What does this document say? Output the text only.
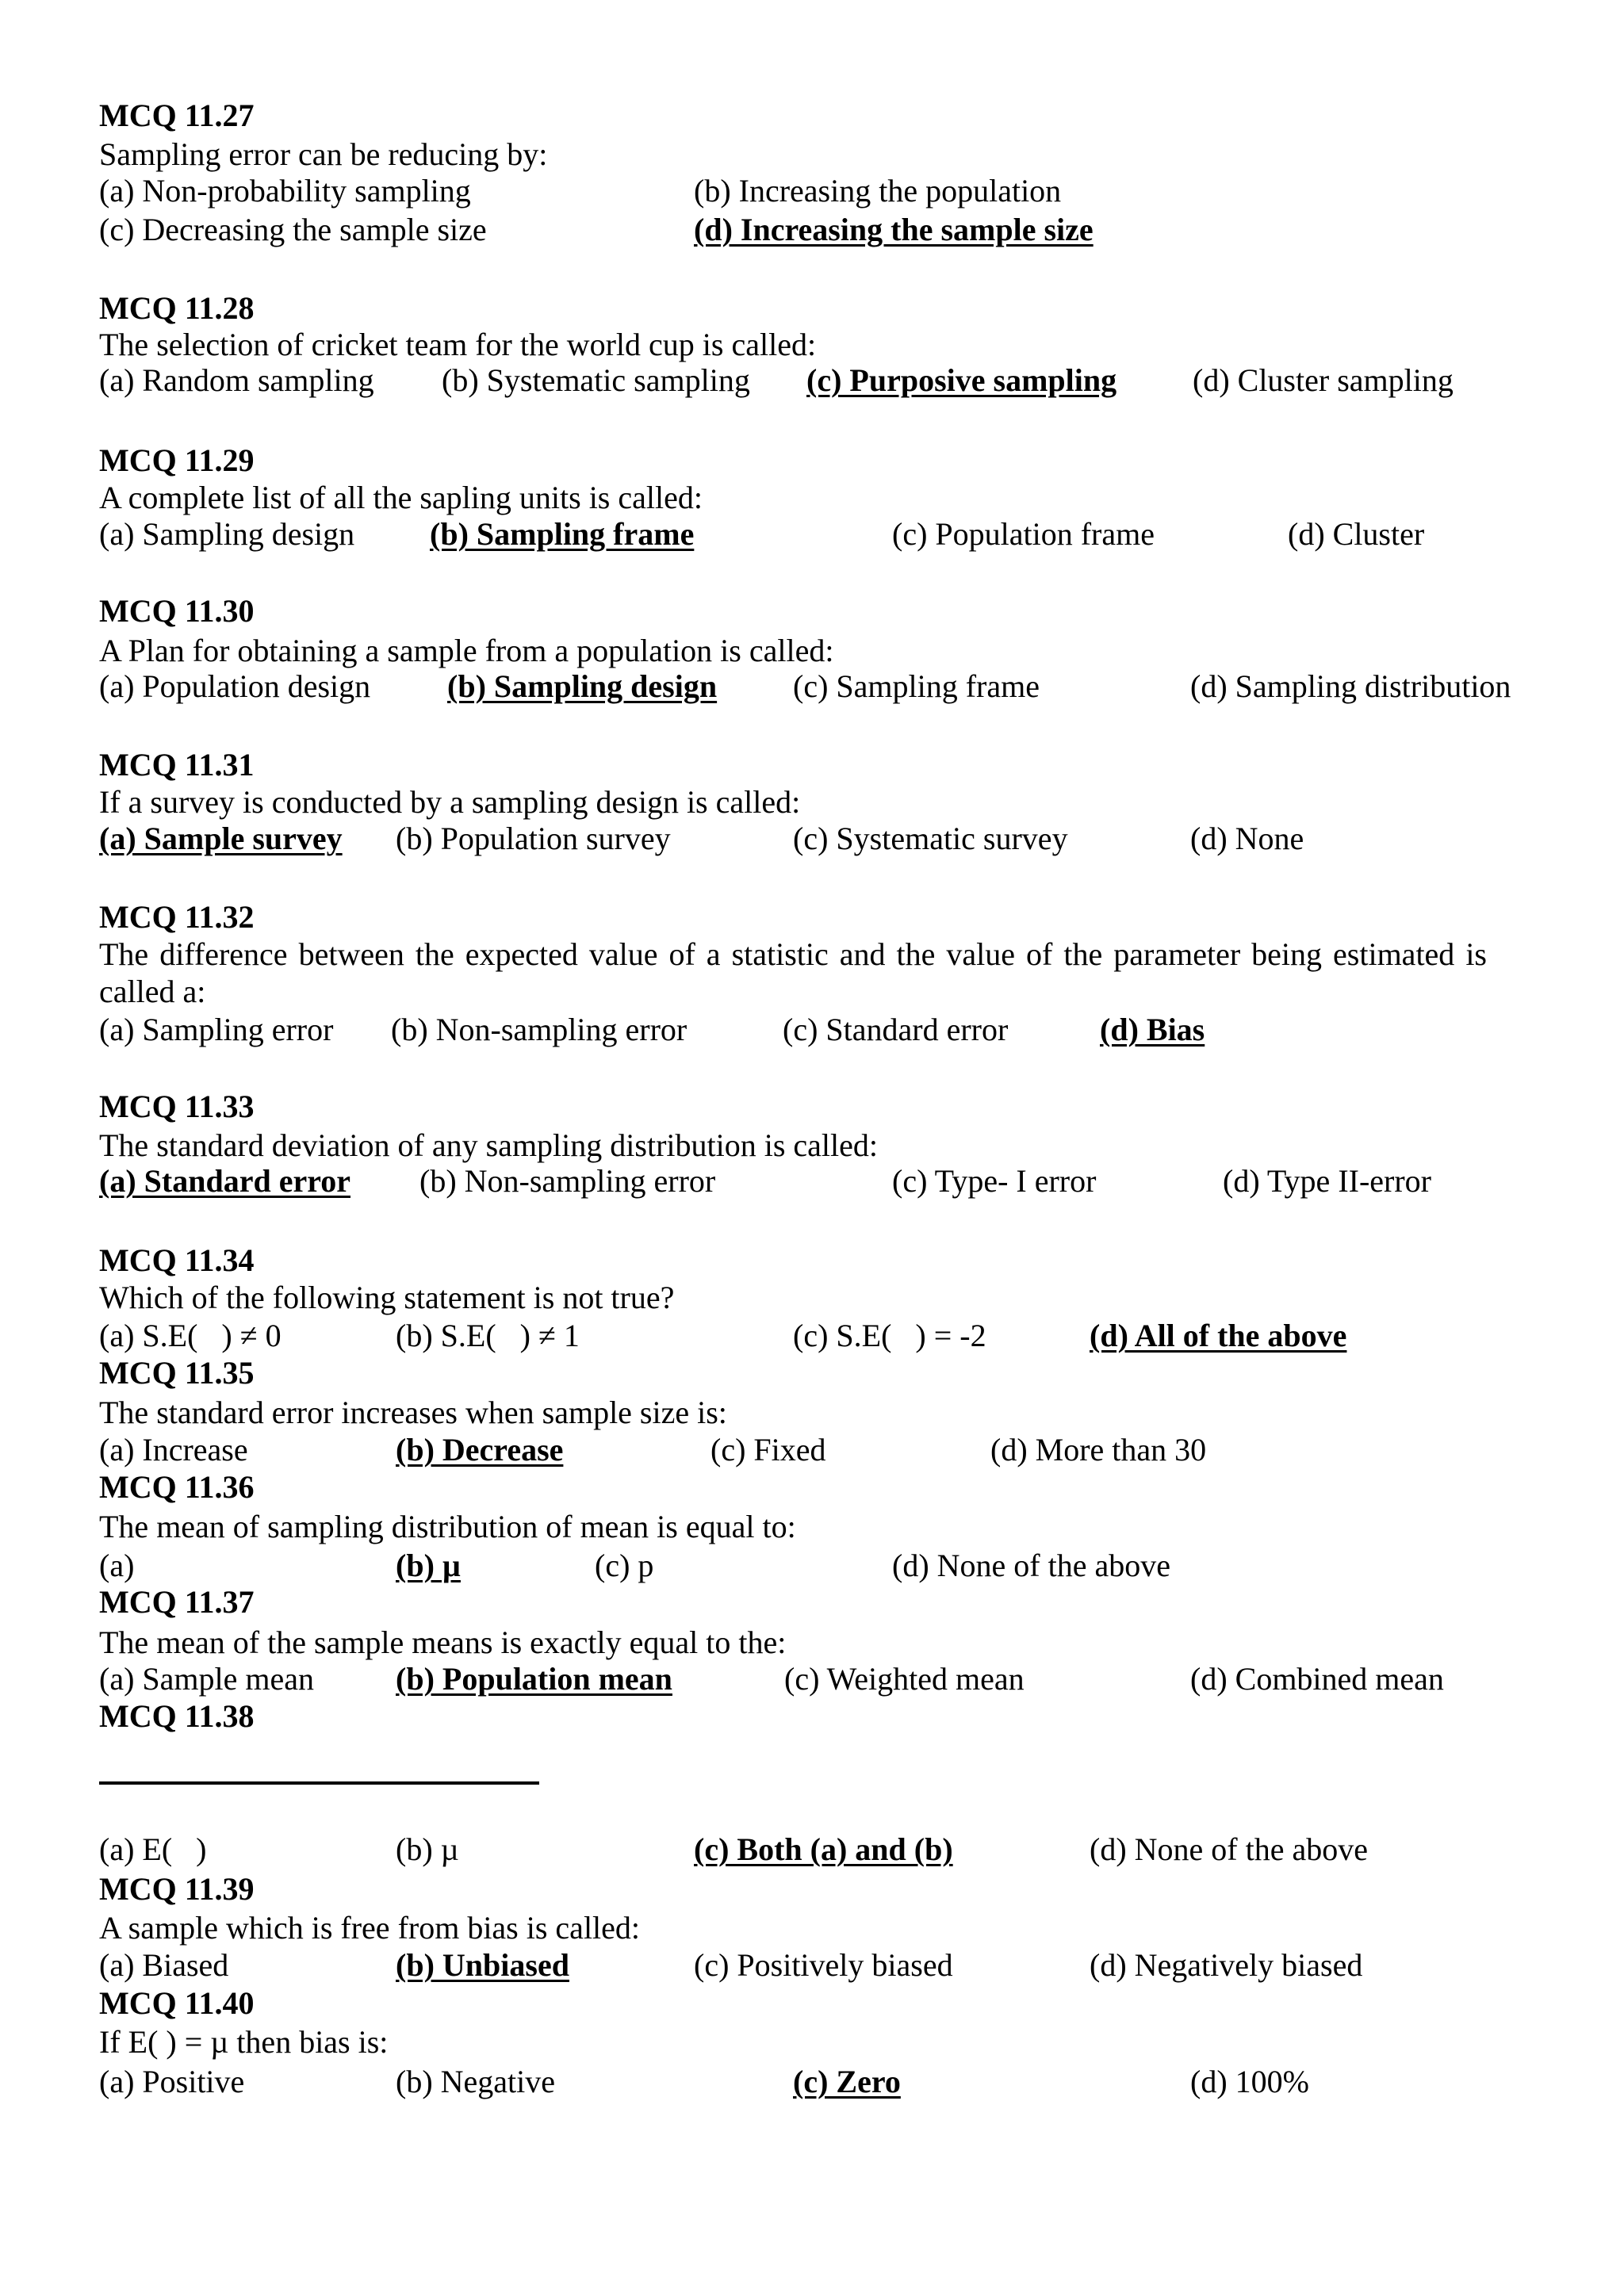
MCQ 11.27
Sampling error can be reducing by:
(a) Non-probability sampling	(b) Increasing the population
(c) Decreasing the sample size	(d) Increasing the sample size
MCQ 11.28
The selection of cricket team for the world cup is called:
(a) Random sampling (b) Systematic sampling (c) Purposive sampling (d) Cluster sampling
MCQ 11.29
A complete list of all the sapling units is called:
(a) Sampling design (b) Sampling frame	(c) Population frame	(d) Cluster
MCQ 11.30
A Plan for obtaining a sample from a population is called:
(a) Population design (b) Sampling design (c) Sampling frame	(d) Sampling distribution
MCQ 11.31
If a survey is conducted by a sampling design is called:
(a) Sample survey (b) Population survey	(c) Systematic survey	(d) None
MCQ 11.32
The difference between the expected value of a statistic and the value of the parameter being estimated is
called a:
(a) Sampling error (b) Non-sampling error	(c) Standard error	(d) Bias
MCQ 11.33
The standard deviation of any sampling distribution is called:
(a) Standard error (b) Non-sampling error	(c) Type- I error	(d) Type II-error
MCQ 11.34
Which of the following statement is not true?
(a) S.E(   ) ≠ 0	(b) S.E(   ) ≠ 1	(c) S.E(   ) = -2	(d) All of the above
MCQ 11.35
The standard error increases when sample size is:
(a) Increase	(b) Decrease	(c) Fixed	(d) More than 30
MCQ 11.36
The mean of sampling distribution of mean is equal to:
(a)	(b) µ	(c) p	(d) None of the above
MCQ 11.37
The mean of the sample means is exactly equal to the:
(a) Sample mean	(b) Population mean	(c) Weighted mean	(d) Combined mean
MCQ 11.38
(a) E(   )	(b) µ	(c) Both (a) and (b)	(d) None of the above
MCQ 11.39
A sample which is free from bias is called:
(a) Biased	(b) Unbiased	(c) Positively biased	(d) Negatively biased
MCQ 11.40
If E( ) = µ then bias is:
(a) Positive	(b) Negative	(c) Zero	(d) 100%
